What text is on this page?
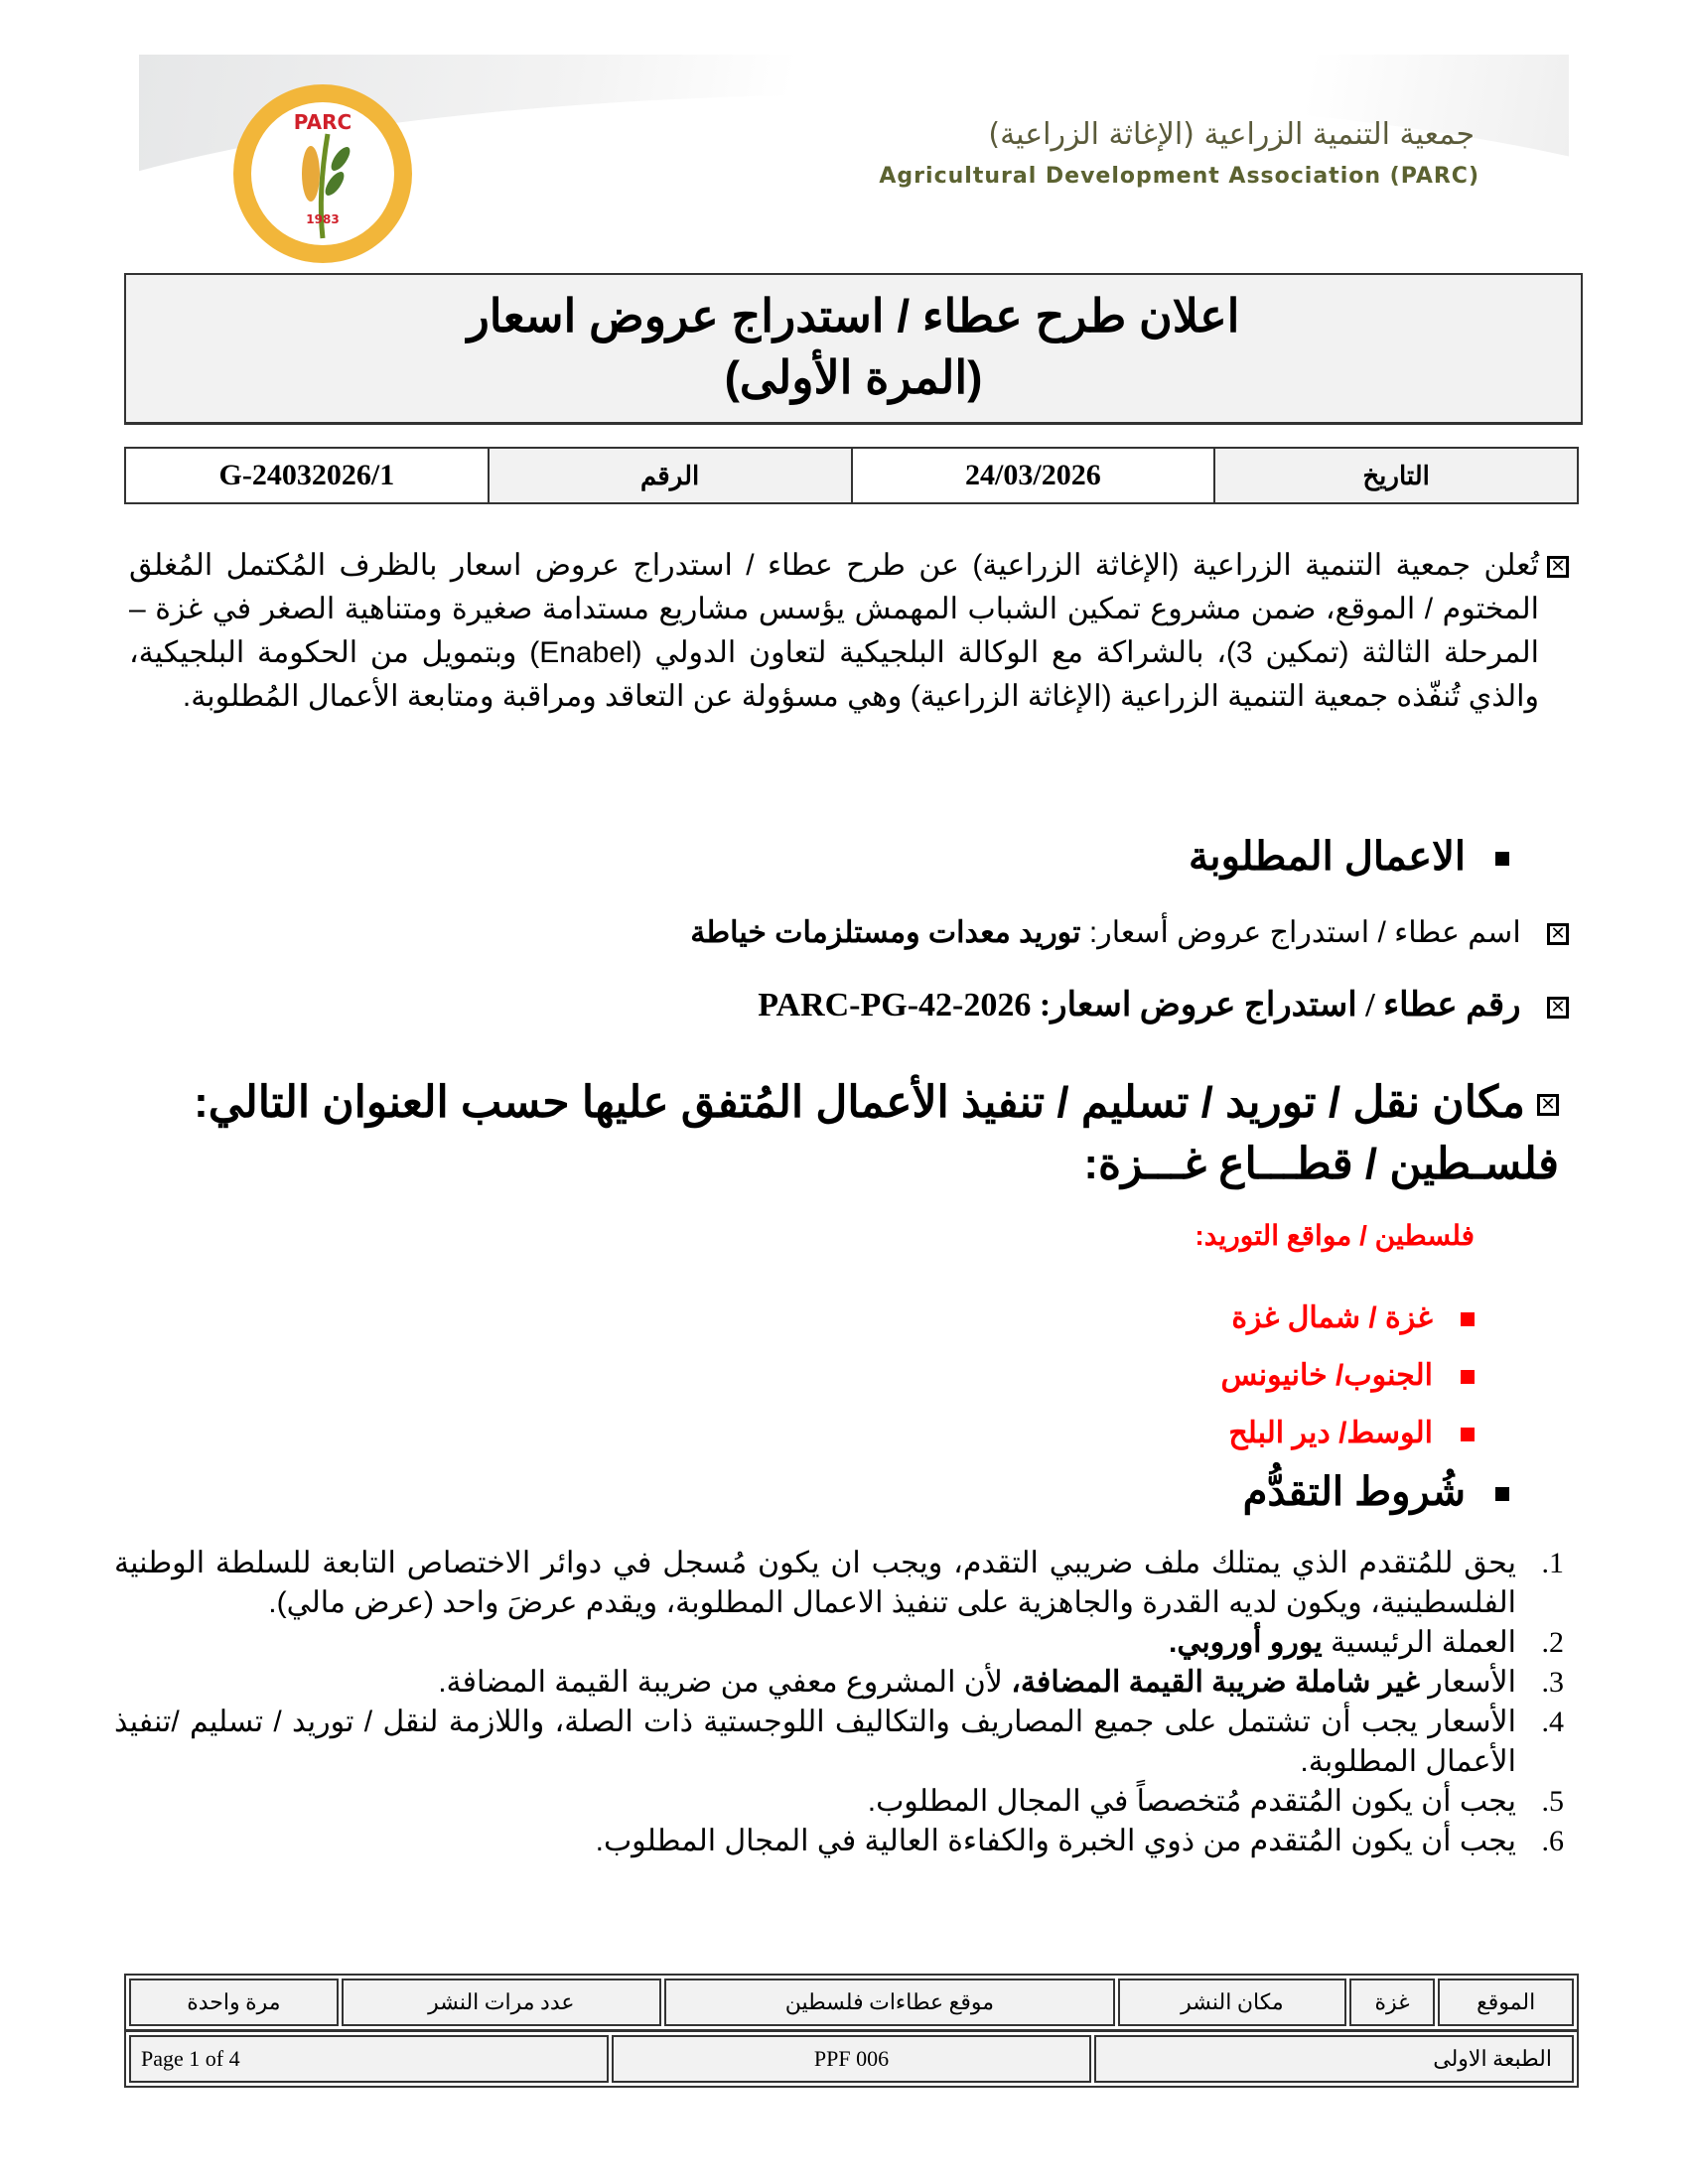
PARC
1983
جمعية التنمية الزراعية (الإغاثة الزراعية)
Agricultural Development Association (PARC)
اعلان طرح عطاء / استدراج عروض اسعار
(المرة الأولى)
التاريخ	24/03/2026	الرقم	G-24032026/1
✕
تُعلن جمعية التنمية الزراعية (الإغاثة الزراعية) عن طرح عطاء / استدراج عروض اسعار بالظرف المُكتمل المُغلق المختوم / الموقع، ضمن مشروع تمكين الشباب المهمش يؤسس مشاريع مستدامة صغيرة ومتناهية الصغر في غزة – المرحلة الثالثة (تمكين 3)، بالشراكة مع الوكالة البلجيكية لتعاون الدولي (Enabel) وبتمويل من الحكومة البلجيكية، والذي تُنفّذه جمعية التنمية الزراعية (الإغاثة الزراعية) وهي مسؤولة عن التعاقد ومراقبة ومتابعة الأعمال المُطلوبة.
الاعمال المطلوبة
✕ اسم عطاء / استدراج عروض أسعار: توريد معدات ومستلزمات خياطة
✕ رقم عطاء / استدراج عروض اسعار: PARC-PG-42-2026
✕مكان نقل / توريد / تسليم / تنفيذ الأعمال المُتفق عليها حسب العنوان التالي:
فلسـطين / قطـــاع غـــزة:
فلسطين / مواقع التوريد:
غزة / شمال غزة
الجنوب/ خانيونس
الوسط/ دير البلح
شُروط التقدُّم
1.
يحق للمُتقدم الذي يمتلك ملف ضريبي التقدم، ويجب ان يكون مُسجل في دوائر الاختصاص التابعة للسلطة الوطنية الفلسطينية، ويكون لديه القدرة والجاهزية على تنفيذ الاعمال المطلوبة، ويقدم عرضَ واحد (عرض مالي).
2.
العملة الرئيسية يورو أوروبي.
3.
الأسعار غير شاملة ضريبة القيمة المضافة، لأن المشروع معفي من ضريبة القيمة المضافة.
4.
الأسعار يجب أن تشتمل على جميع المصاريف والتكاليف اللوجستية ذات الصلة، واللازمة لنقل / توريد / تسليم /تنفيذ الأعمال المطلوبة.
5.
يجب أن يكون المُتقدم مُتخصصاً في المجال المطلوب.
6.
يجب أن يكون المُتقدم من ذوي الخبرة والكفاءة العالية في المجال المطلوب.
الموقع	غزة	مكان النشر	موقع عطاءات فلسطين	عدد مرات النشر	مرة واحدة
الطبعة الاولى	PPF 006	Page 1 of 4
